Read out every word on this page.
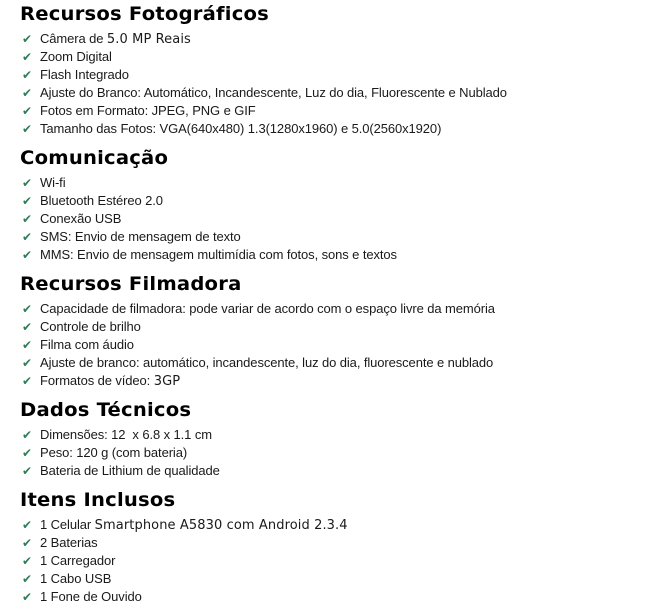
Recursos Fotográficos
✔ Câmera de 5.0 MP Reais
✔ Zoom Digital
✔ Flash Integrado
✔ Ajuste do Branco: Automático, Incandescente, Luz do dia, Fluorescente e Nublado
✔ Fotos em Formato: JPEG, PNG e GIF
✔ Tamanho das Fotos: VGA(640x480) 1.3(1280x1960) e 5.0(2560x1920)
Comunicação
✔ Wi-fi
✔ Bluetooth Estéreo 2.0
✔ Conexão USB
✔ SMS: Envio de mensagem de texto
✔ MMS: Envio de mensagem multimídia com fotos, sons e textos
Recursos Filmadora
✔ Capacidade de filmadora: pode variar de acordo com o espaço livre da memória
✔ Controle de brilho
✔ Filma com áudio
✔ Ajuste de branco: automático, incandescente, luz do dia, fluorescente e nublado
✔ Formatos de vídeo: 3GP
Dados Técnicos
✔ Dimensões: 12  x 6.8 x 1.1 cm
✔ Peso: 120 g (com bateria)
✔ Bateria de Lithium de qualidade
Itens Inclusos
✔ 1 Celular Smartphone A5830 com Android 2.3.4
✔ 2 Baterias
✔ 1 Carregador
✔ 1 Cabo USB
✔ 1 Fone de Ouvido
